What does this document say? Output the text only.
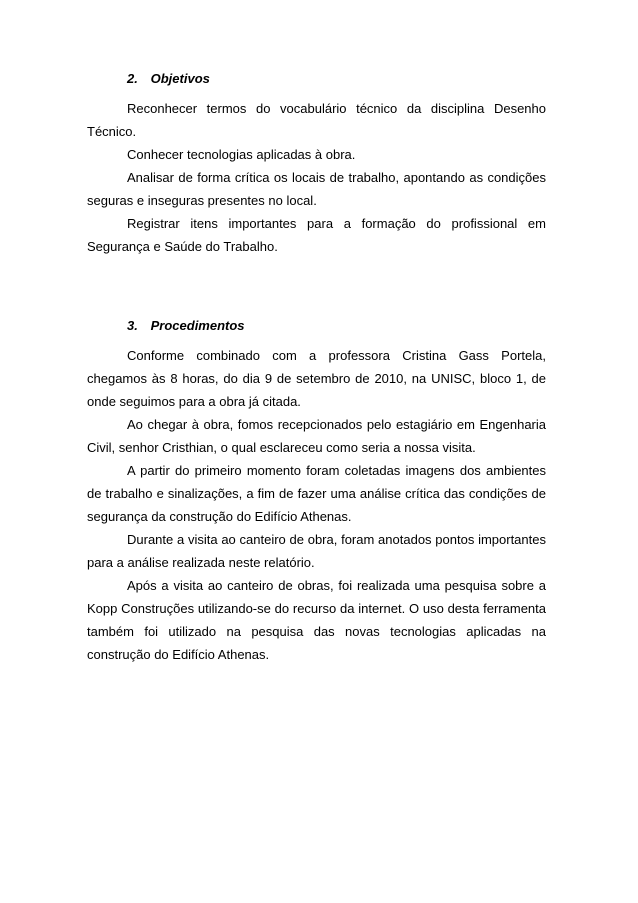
2. Objetivos

Reconhecer termos do vocabulário técnico da disciplina Desenho Técnico.

Conhecer tecnologias aplicadas à obra.

Analisar de forma crítica os locais de trabalho, apontando as condições seguras e inseguras presentes no local.

Registrar itens importantes para a formação do profissional em Segurança e Saúde do Trabalho.

3. Procedimentos

Conforme combinado com a professora Cristina Gass Portela, chegamos às 8 horas, do dia 9 de setembro de 2010, na UNISC, bloco 1, de onde seguimos para a obra já citada.

Ao chegar à obra, fomos recepcionados pelo estagiário em Engenharia Civil, senhor Cristhian, o qual esclareceu como seria a nossa visita.

A partir do primeiro momento foram coletadas imagens dos ambientes de trabalho e sinalizações, a fim de fazer uma análise crítica das condições de segurança da construção do Edifício Athenas.

Durante a visita ao canteiro de obra, foram anotados pontos importantes para a análise realizada neste relatório.

Após a visita ao canteiro de obras, foi realizada uma pesquisa sobre a Kopp Construções utilizando-se do recurso da internet. O uso desta ferramenta também foi utilizado na pesquisa das novas tecnologias aplicadas na construção do Edifício Athenas.
